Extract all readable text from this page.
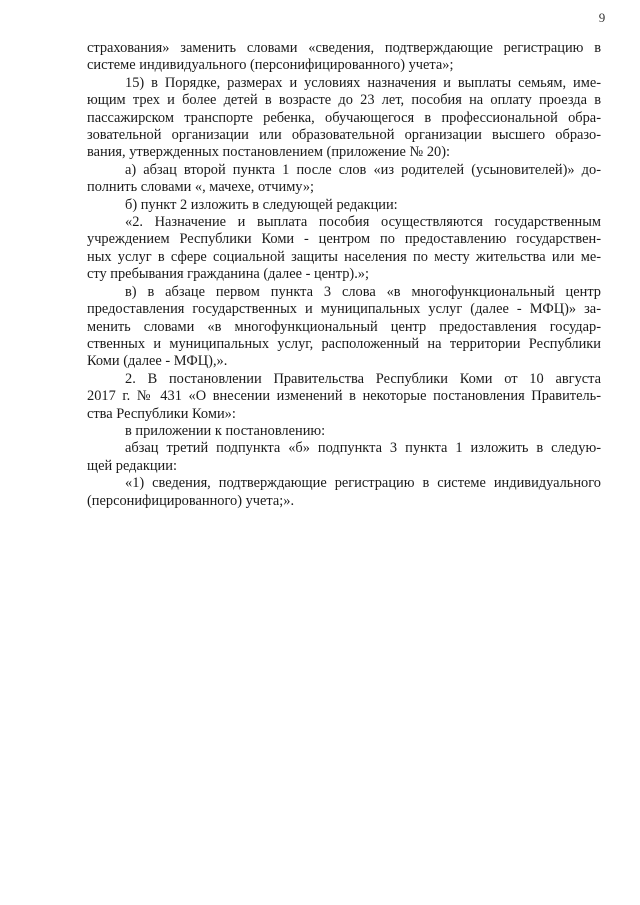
9
страхования» заменить словами «сведения, подтверждающие регистрацию в
системе индивидуального (персонифицированного) учета»;
15) в Порядке, размерах и условиях назначения и выплаты семьям, име-
ющим трех и более детей в возрасте до 23 лет, пособия на оплату проезда в
пассажирском транспорте ребенка, обучающегося в профессиональной обра-
зовательной организации или образовательной организации высшего образо-
вания, утвержденных постановлением (приложение № 20):
а) абзац второй пункта 1 после слов «из родителей (усыновителей)» до-
полнить словами «, мачехе, отчиму»;
б) пункт 2 изложить в следующей редакции:
«2. Назначение и выплата пособия осуществляются государственным
учреждением Республики Коми - центром по предоставлению государствен-
ных услуг в сфере социальной защиты населения по месту жительства или ме-
сту пребывания гражданина (далее - центр).»;
в) в абзаце первом пункта 3 слова «в многофункциональный центр
предоставления государственных и муниципальных услуг (далее - МФЦ)» за-
менить словами «в многофункциональный центр предоставления государ-
ственных и муниципальных услуг, расположенный на территории Республики
Коми (далее - МФЦ),».
2. В постановлении Правительства Республики Коми от 10 августа
2017 г. № 431 «О внесении изменений в некоторые постановления Правитель-
ства Республики Коми»:
в приложении к постановлению:
абзац третий подпункта «б» подпункта 3 пункта 1 изложить в следую-
щей редакции:
«1) сведения, подтверждающие регистрацию в системе индивидуального
(персонифицированного) учета;».
